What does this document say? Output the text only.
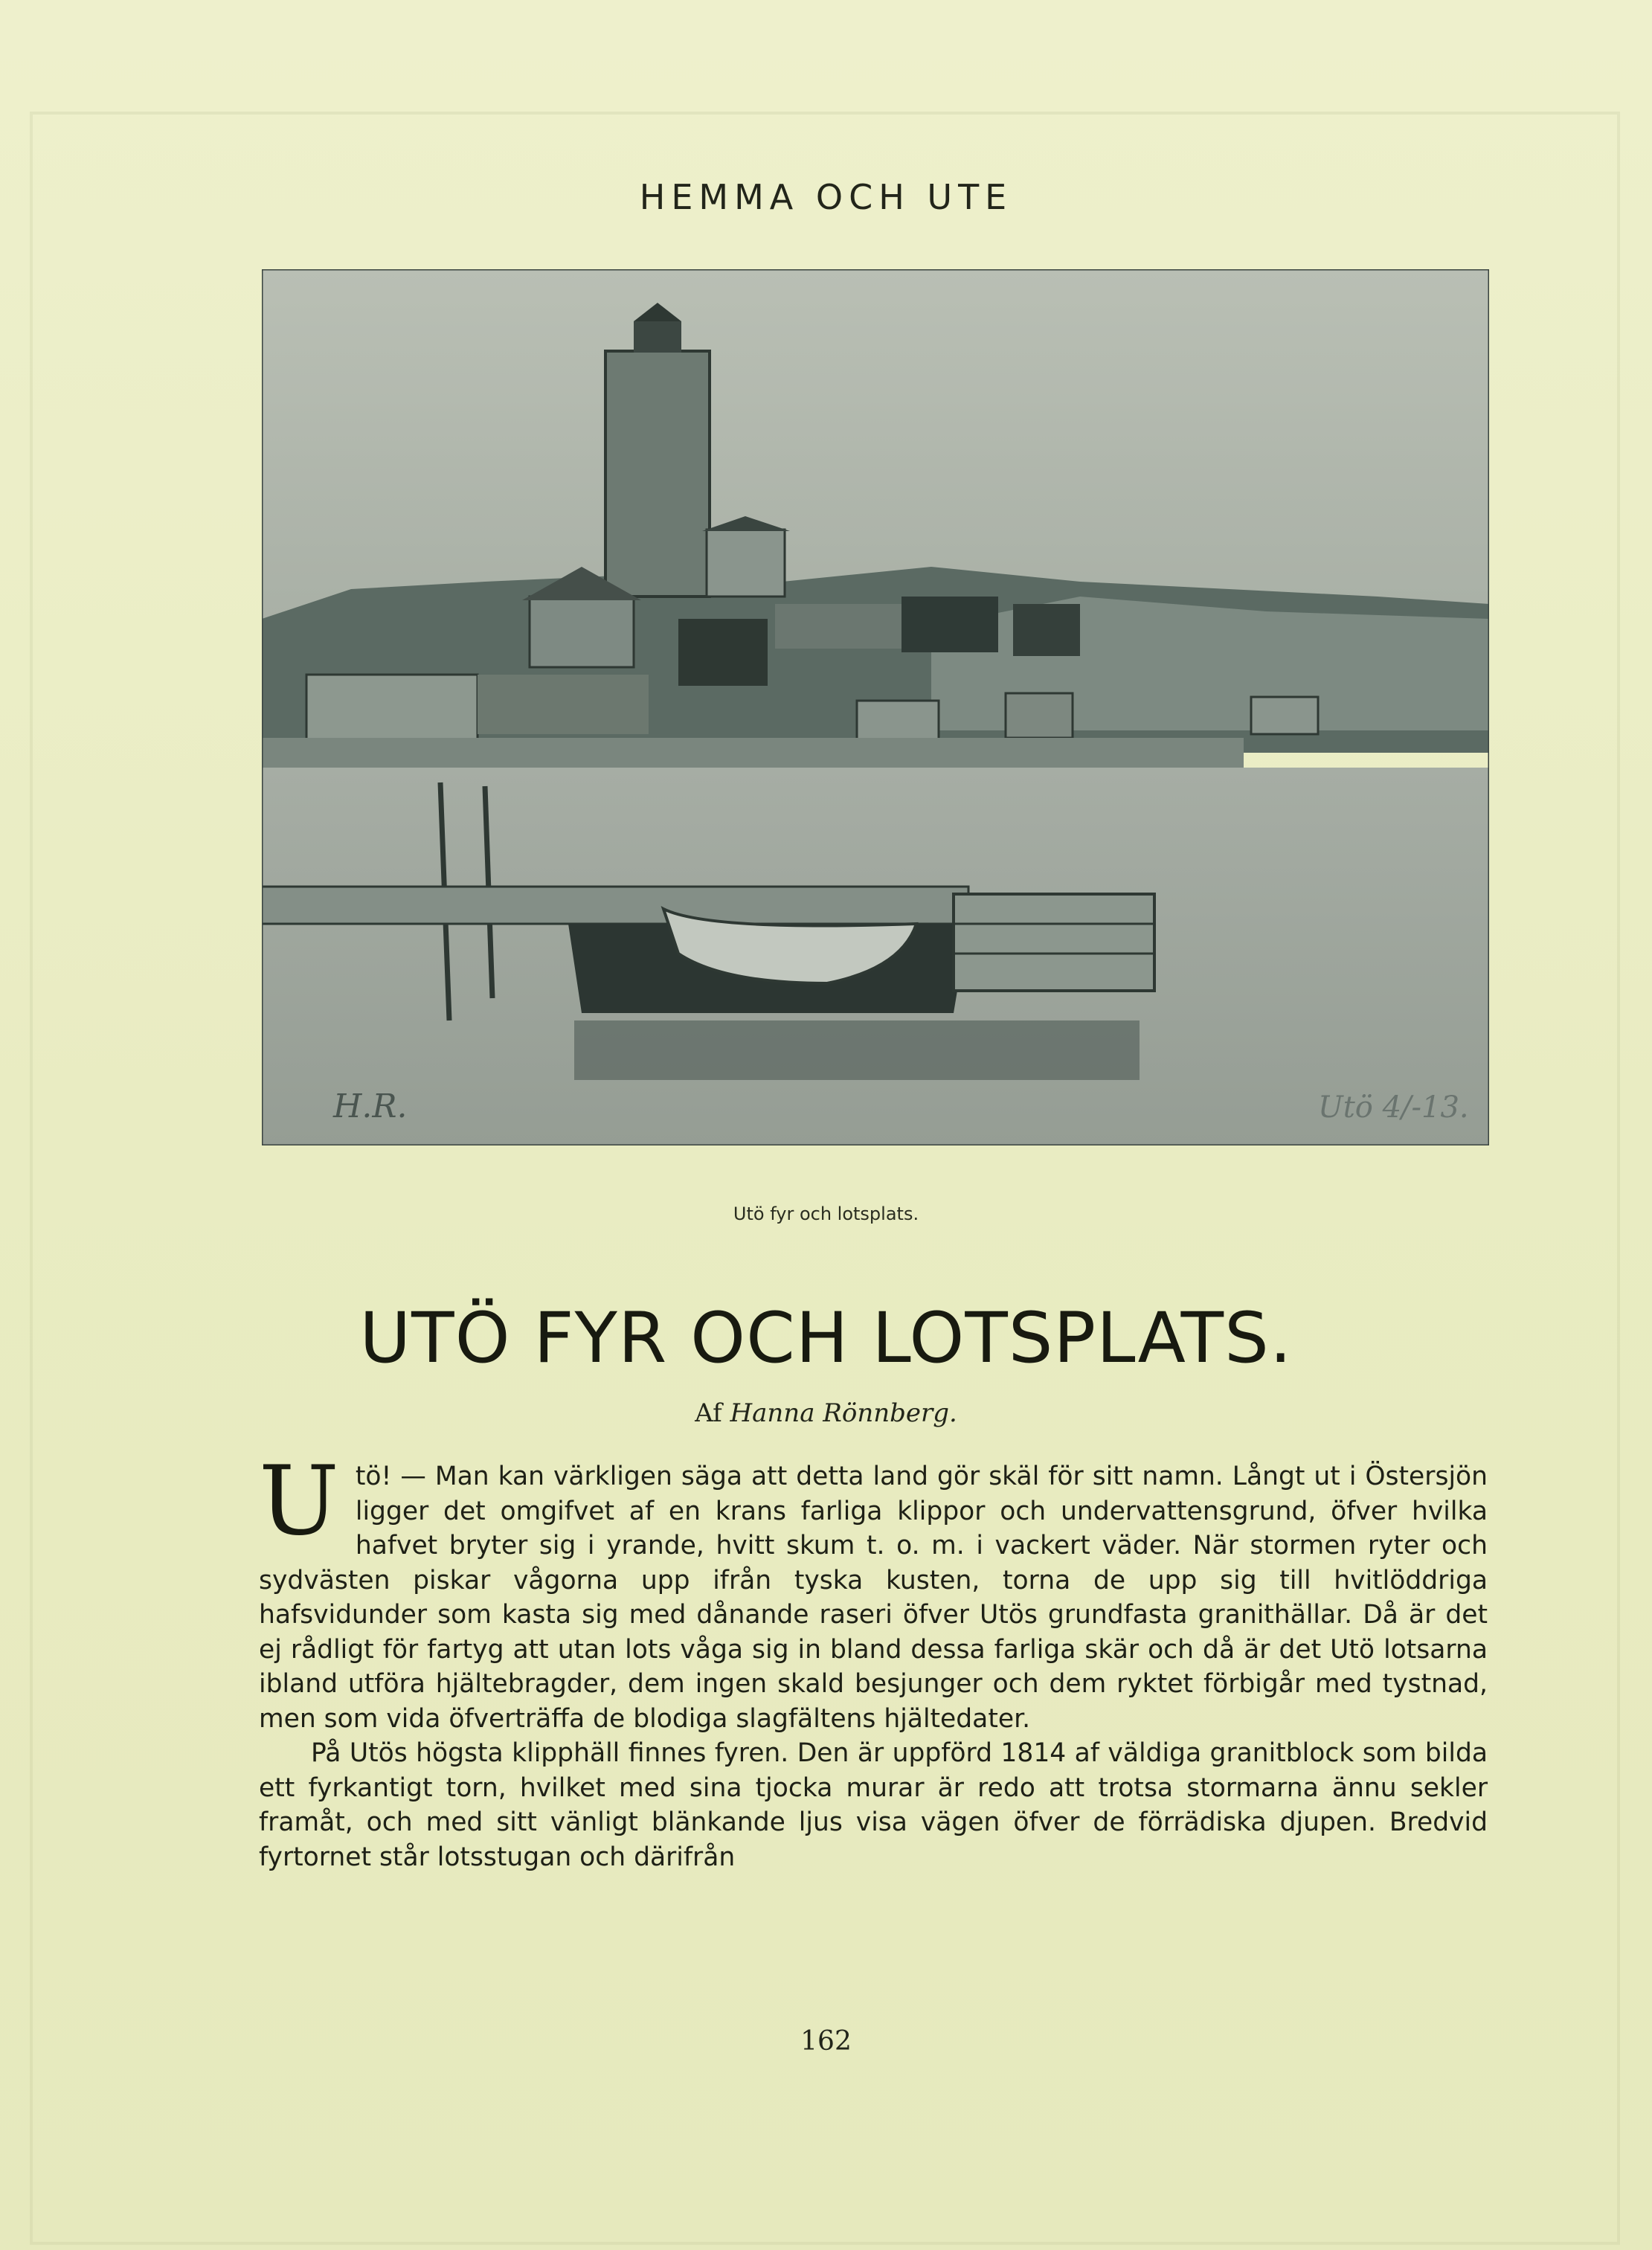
HEMMA OCH UTE
H.R.	Utö 4/-13.
Utö fyr och lotsplats.
UTÖ FYR OCH LOTSPLATS.
Af Hanna Rönnberg.

Utö! — Man kan värkligen säga att detta land gör skäl för sitt namn. Långt ut i Östersjön ligger det omgifvet af en krans farliga klippor och undervattensgrund, öfver hvilka hafvet bryter sig i yrande, hvitt skum t. o. m. i vackert väder. När stormen ryter och sydvästen piskar vågorna upp ifrån tyska kusten, torna de upp sig till hvitlöddriga hafsvidunder som kasta sig med dånande raseri öfver Utös grundfasta granithällar. Då är det ej rådligt för fartyg att utan lots våga sig in bland dessa farliga skär och då är det Utö lotsarna ibland utföra hjältebragder, dem ingen skald besjunger och dem ryktet förbigår med tystnad, men som vida öfverträffa de blodiga slagfältens hjältedater.

På Utös högsta klipphäll finnes fyren. Den är uppförd 1814 af väldiga granitblock som bilda ett fyrkantigt torn, hvilket med sina tjocka murar är redo att trotsa stormarna ännu sekler framåt, och med sitt vänligt blänkande ljus visa vägen öfver de förrädiska djupen. Bredvid fyrtornet står lotsstugan och därifrån

162
